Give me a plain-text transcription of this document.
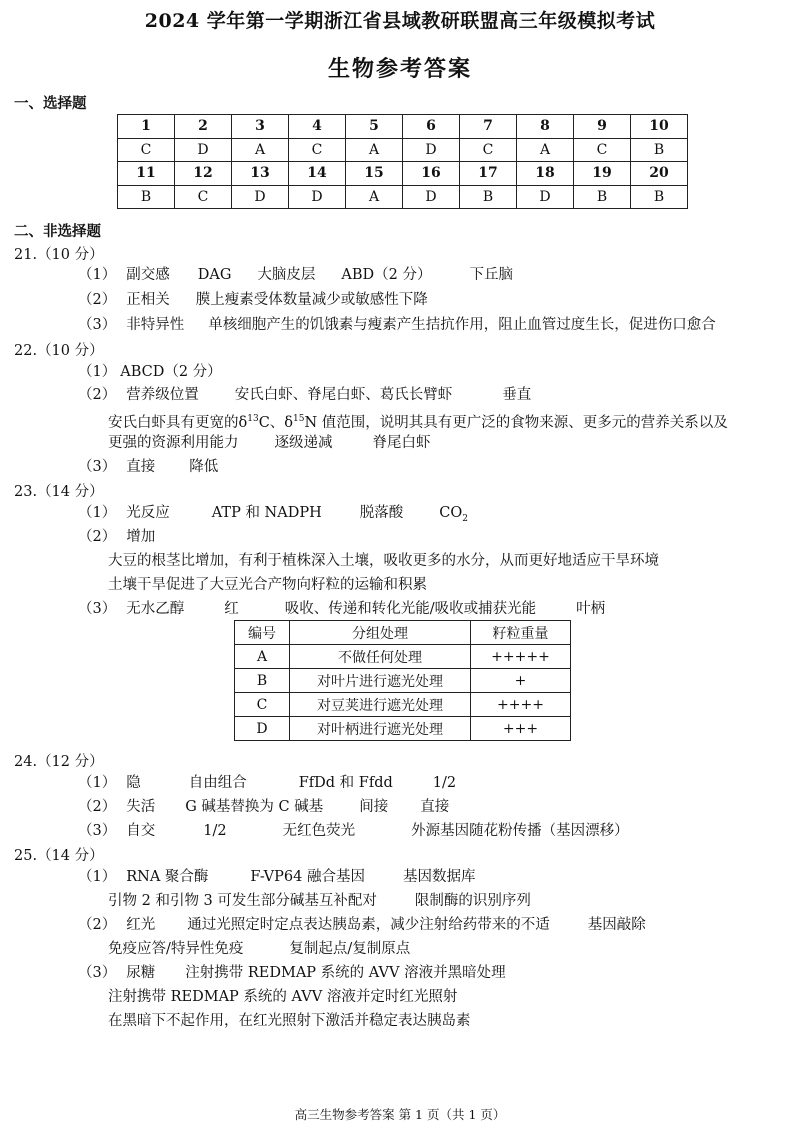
2024 学年第一学期浙江省县域教研联盟高三年级模拟考试
生物参考答案
一、选择题
1	2	3	4	5	6	7	8	9	10
C	D	A	C	A	D	C	A	C	B
11	12	13	14	15	16	17	18	19	20
B	C	D	D	A	D	B	D	B	B
二、非选择题
21.（10 分）
（1） 副交感 DAG 大脑皮层 ABD（2 分）	下丘脑
（2） 正相关 膜上瘦素受体数量减少或敏感性下降
（3） 非特异性 单核细胞产生的饥饿素与瘦素产生拮抗作用，阻止血管过度生长，促进伤口愈合
22.（10 分）
（1） ABCD（2 分）
（2） 营养级位置 安氏白虾、脊尾白虾、葛氏长臂虾	垂直
安氏白虾具有更宽的$\delta^{13}C$、$\delta^{15}N$ 值范围，说明其具有更广泛的食物来源、更多元的营养关系以及
更强的资源利用能力 逐级递减	脊尾白虾
（3） 直接 降低
23.（14 分）
（1） 光反应	ATP 和 NADPH	脱落酸 $CO_2$
（2） 增加
大豆的根茎比增加，有利于植株深入土壤，吸收更多的水分，从而更好地适应干旱环境
土壤干旱促进了大豆光合产物向籽粒的运输和积累
（3） 无水乙醇	红	吸收、传递和转化光能/吸收或捕获光能	叶柄
编号	分组处理	籽粒重量
A	不做任何处理	+++++
B	对叶片进行遮光处理	+
C	对豆荚进行遮光处理	++++
D	对叶柄进行遮光处理	+++
24.（12 分）
（1） 隐	自由组合	FfDd 和 Ffdd	1/2
（2） 失活 G 碱基替换为 C 碱基 间接 直接
（3） 自交	1/2	无红色荧光	外源基因随花粉传播（基因漂移）
25.（14 分）
（1） RNA 聚合酶	F-VP64 融合基因	基因数据库
引物 2 和引物 3 可发生部分碱基互补配对	限制酶的识别序列
（2） 红光 通过光照定时定点表达胰岛素，减少注射给药带来的不适	基因敲除
免疫应答/特异性免疫	复制起点/复制原点
（3） 尿糖 注射携带 REDMAP 系统的 AVV 溶液并黑暗处理
注射携带 REDMAP 系统的 AVV 溶液并定时红光照射
在黑暗下不起作用，在红光照射下激活并稳定表达胰岛素
高三生物参考答案 第 1 页（共 1 页）
